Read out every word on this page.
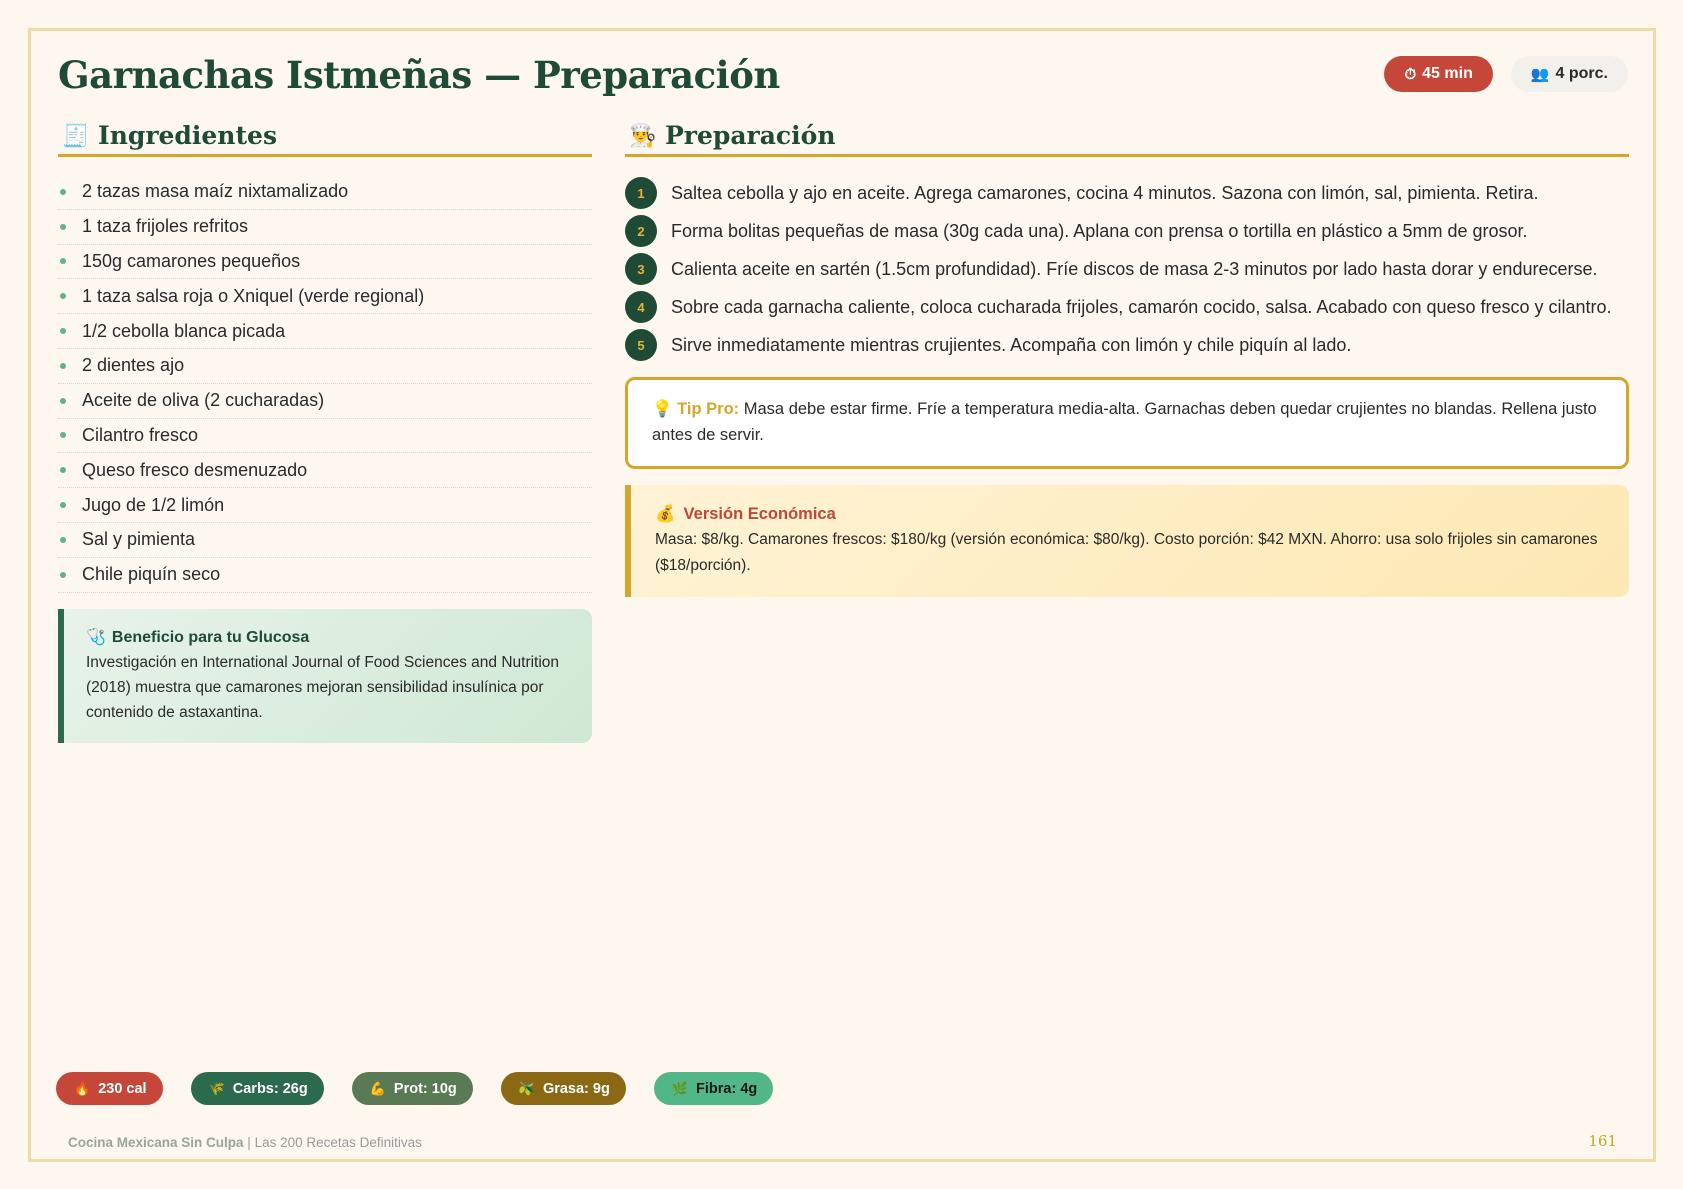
Garnachas Istmeñas — Preparación	⏱ 45 min	👥 4 porc.
🧾 Ingredientes
2 tazas masa maíz nixtamalizado
1 taza frijoles refritos
150g camarones pequeños
1 taza salsa roja o Xniquel (verde regional)
1/2 cebolla blanca picada
2 dientes ajo
Aceite de oliva (2 cucharadas)
Cilantro fresco
Queso fresco desmenuzado
Jugo de 1/2 limón
Sal y pimienta
Chile piquín seco
🩺 Beneficio para tu Glucosa
Investigación en International Journal of Food Sciences and Nutrition (2018) muestra que camarones mejoran sensibilidad insulínica por contenido de astaxantina.
👨‍🍳 Preparación
1	Saltea cebolla y ajo en aceite. Agrega camarones, cocina 4 minutos. Sazona con limón, sal, pimienta. Retira.
2	Forma bolitas pequeñas de masa (30g cada una). Aplana con prensa o tortilla en plástico a 5mm de grosor.
3	Calienta aceite en sartén (1.5cm profundidad). Fríe discos de masa 2-3 minutos por lado hasta dorar y endurecerse.
4	Sobre cada garnacha caliente, coloca cucharada frijoles, camarón cocido, salsa. Acabado con queso fresco y cilantro.
5	Sirve inmediatamente mientras crujientes. Acompaña con limón y chile piquín al lado.
💡 Tip Pro: Masa debe estar firme. Fríe a temperatura media-alta. Garnachas deben quedar crujientes no blandas. Rellena justo antes de servir.
💰 Versión Económica
Masa: $8/kg. Camarones frescos: $180/kg (versión económica: $80/kg). Costo porción: $42 MXN. Ahorro: usa solo frijoles sin camarones ($18/porción).
🔥 230 cal	🌾 Carbs: 26g	💪 Prot: 10g	🫒 Grasa: 9g	🌿 Fibra: 4g
Cocina Mexicana Sin Culpa | Las 200 Recetas Definitivas	161
